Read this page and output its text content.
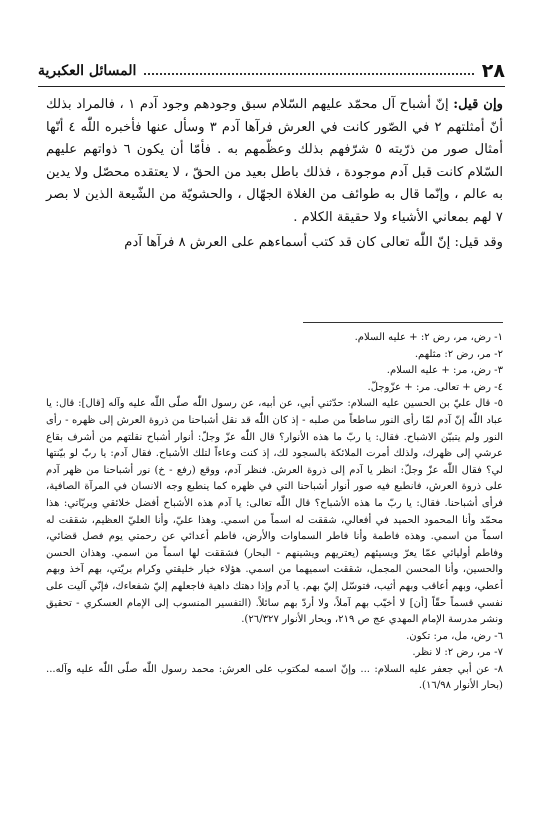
٢٨
المسائل العكبرية

وإن قيل: إنّ أشباح آل محمّد عليهم السّلام سبق وجودهم وجود آدم ١ ، فالمراد بذلك أنّ أمثلتهم ٢ في الصّور كانت في العرش فرآها آدم ٣ وسأل عنها فأخبره اللّٰه ٤ أنّها أمثال صور من ذرّيته ٥ شرّفهم بذلك وعظّمهم به . فأمّا أن يكون ٦ ذواتهم عليهم السّلام كانت قبل آدم موجودة ، فذلك باطل بعيد من الحقّ ، لا يعتقده محصّل ولا يدين به عالم ، وإنّما قال به طوائف من الغلاة الجهّال ، والحشويّة من الشّيعة الذين لا بصر ٧ لهم بمعاني الأشياء ولا حقيقة الكلام .

وقد قيل: إنّ اللّٰه تعالى كان قد كتب أسماءهم على العرش ٨ فرآها آدم

١- رض، مر، رض ٢: + عليه السلام.

٢- مر، رض ٢: مثلهم.

٣- رض، مر: + عليه السلام.

٤- رض + تعالى. مر: + عزّوجلّ.

٥- قال عليّ بن الحسين عليه السلام: حدّثني أبي، عن أبيه، عن رسول اللّٰه صلّى اللّٰه عليه وآله [قال]: قال: يا عباد اللّٰه إنّ آدم لمّا رأى النور ساطعاً من صلبه - إذ كان اللّٰه قد نقل أشباحنا من ذروة العرش إلى ظهره - رأى النور ولم يتبيّن الاشباح. فقال: يا ربّ ما هذه الأنوار؟ قال اللّٰه عزّ وجلّ: أنوار أشباح نقلتهم من أشرف بقاع عرشي إلى ظهرك، ولذلك أمرت الملائكة بالسجود لك، إذ كنت وعاءاً لتلك الأشباح. فقال آدم: يا ربّ لو بيّنتها لي؟ فقال اللّٰه عزّ وجلّ: انظر يا آدم إلى ذروة العرش. فنظر آدم، ووقع (رفع - خ) نور أشباحنا من ظهر آدم على ذروة العرش، فانطبع فيه صور أنوار أشباحنا التي في ظهره كما ينطبع وجه الانسان في المرآة الصافية، فرأى أشباحنا. فقال: يا ربّ ما هذه الأشباح؟ قال اللّٰه تعالى: يا آدم هذه الأشباح أفضل خلائقي وبريّاتي: هذا محمّد وأنا المحمود الحميد في أفعالي، شققت له اسماً من اسمي. وهذا عليّ، وأنا العليّ العظيم، شققت له اسماً من اسمي. وهذه فاطمة وأنا فاطر السماوات والأرض، فاطم أعدائي عن رحمتي يوم فصل قضائي، وفاطم أوليائي عمّا يعرّ ويسيئهم (يعتريهم ويشينهم - البحار) فشققت لها اسماً من اسمي. وهذان الحسن والحسين، وأنا المحسن المجمل، شققت اسميهما من اسمي. هؤلاء خيار خليقتي وكرام بريّتي، بهم آخذ وبهم أعطي، وبهم أعاقب وبهم أثيب، فتوسّل إليّ بهم. يا آدم وإذا دهتك داهية فاجعلهم إليّ شفعاءك، فإنّي آليت على نفسي قسماً حقّاً [أن] لا أخيّب بهم آملاً، ولا أردّ بهم سائلاً. (التفسير المنسوب إلى الإمام العسكري - تحقيق ونشر مدرسة الإمام المهدي عج ص ٢١٩، وبحار الأنوار ٢٦/٣٢٧).

٦- رض، مل، مر: تكون.

٧- مر، رض ٢: لا نظر.

٨- عن أبي جعفر عليه السلام: ... وإنّ اسمه لمكتوب على العرش: محمد رسول اللّٰه صلّى اللّٰه عليه وآله... (بحار الأنوار ١٦/٩٨).
